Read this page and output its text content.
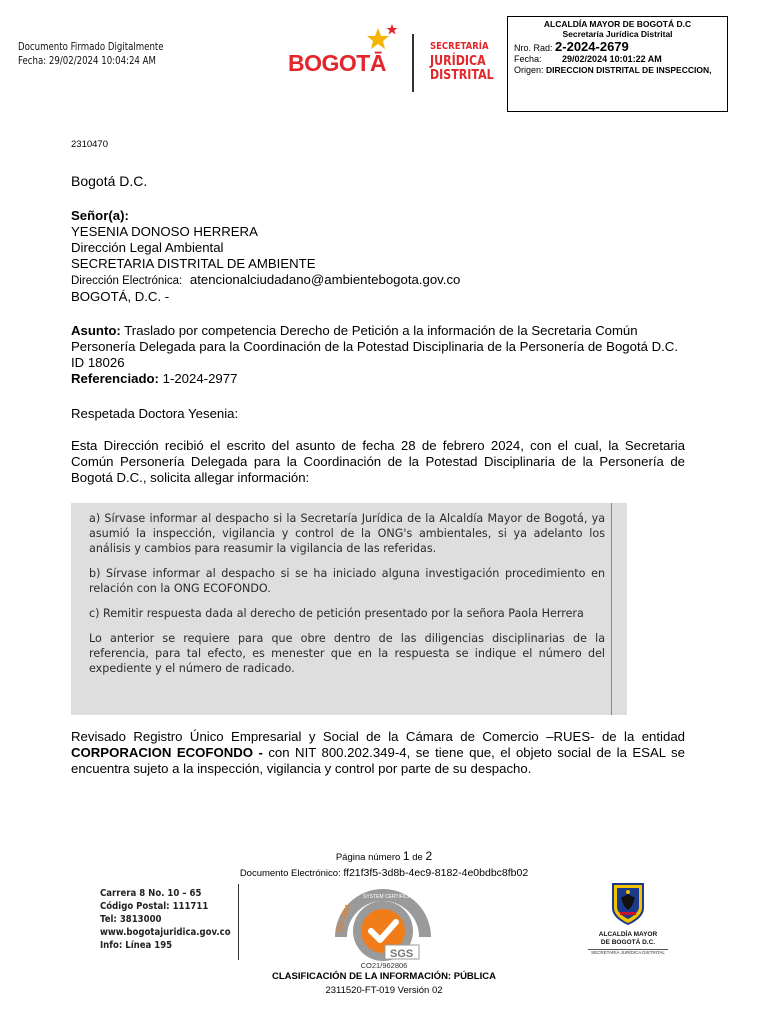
Documento Firmado Digitalmente
Fecha: 29/02/2024 10:04:24 AM	BOGOTĀ
SECRETARÍA
JURÍDICA
DISTRITAL
ALCALDÍA MAYOR DE BOGOTÁ D.C
Secretaría Jurídica Distrital
Nro. Rad: 2-2024-2679
Fecha: 29/02/2024 10:01:22 AM
Origen: DIRECCION DISTRITAL DE INSPECCION,
2310470
Bogotá D.C.
Señor(a):
YESENIA DONOSO HERRERA
Dirección Legal Ambiental
SECRETARIA DISTRITAL DE AMBIENTE
Dirección Electrónica: atencionalciudadano@ambientebogota.gov.co
BOGOTÁ, D.C. -
Asunto: Traslado por competencia Derecho de Petición a la información de la Secretaria Común Personería Delegada para la Coordinación de la Potestad Disciplinaria de la Personería de Bogotá D.C. ID 18026
Referenciado: 1-2024-2977
Respetada Doctora Yesenia:
Esta Dirección recibió el escrito del asunto de fecha 28 de febrero 2024, con el cual, la Secretaria Común Personería Delegada para la Coordinación de la Potestad Disciplinaria de la Personería de Bogotá D.C., solicita allegar información:

a) Sírvase informar al despacho si la Secretaría Jurídica de la Alcaldía Mayor de Bogotá, ya asumió la inspección, vigilancia y control de la ONG's ambientales, si ya adelanto los análisis y cambios para reasumir la vigilancia de las referidas.

b) Sírvase informar al despacho si se ha iniciado alguna investigación procedimiento en relación con la ONG ECOFONDO.

c) Remitir respuesta dada al derecho de petición presentado por la señora Paola Herrera

Lo anterior se requiere para que obre dentro de las diligencias disciplinarias de la referencia, para tal efecto, es menester que en la respuesta se indique el número del expediente y el número de radicado.

Revisado Registro Único Empresarial y Social de la Cámara de Comercio –RUES- de la entidad CORPORACION ECOFONDO - con NIT 800.202.349-4, se tiene que, el objeto social de la ESAL se encuentra sujeto a la inspección, vigilancia y control por parte de su despacho.
Página número 1 de 2
Documento Electrónico: ff21f3f5-3d8b-4ec9-8182-4e0bdbc8fb02
Carrera 8 No. 10 – 65
Código Postal: 111711
Tel: 3813000
www.bogotajuridica.gov.co
Info: Línea 195
ISO 9001
SYSTEM CERTIFICATION
SGS
CO21/962806
CLASIFICACIÓN DE LA INFORMACIÓN: PÚBLICA
2311520-FT-019 Versión 02
ALCALDÍA MAYOR
DE BOGOTÁ D.C.
SECRETARÍA JURÍDICA DISTRITAL
